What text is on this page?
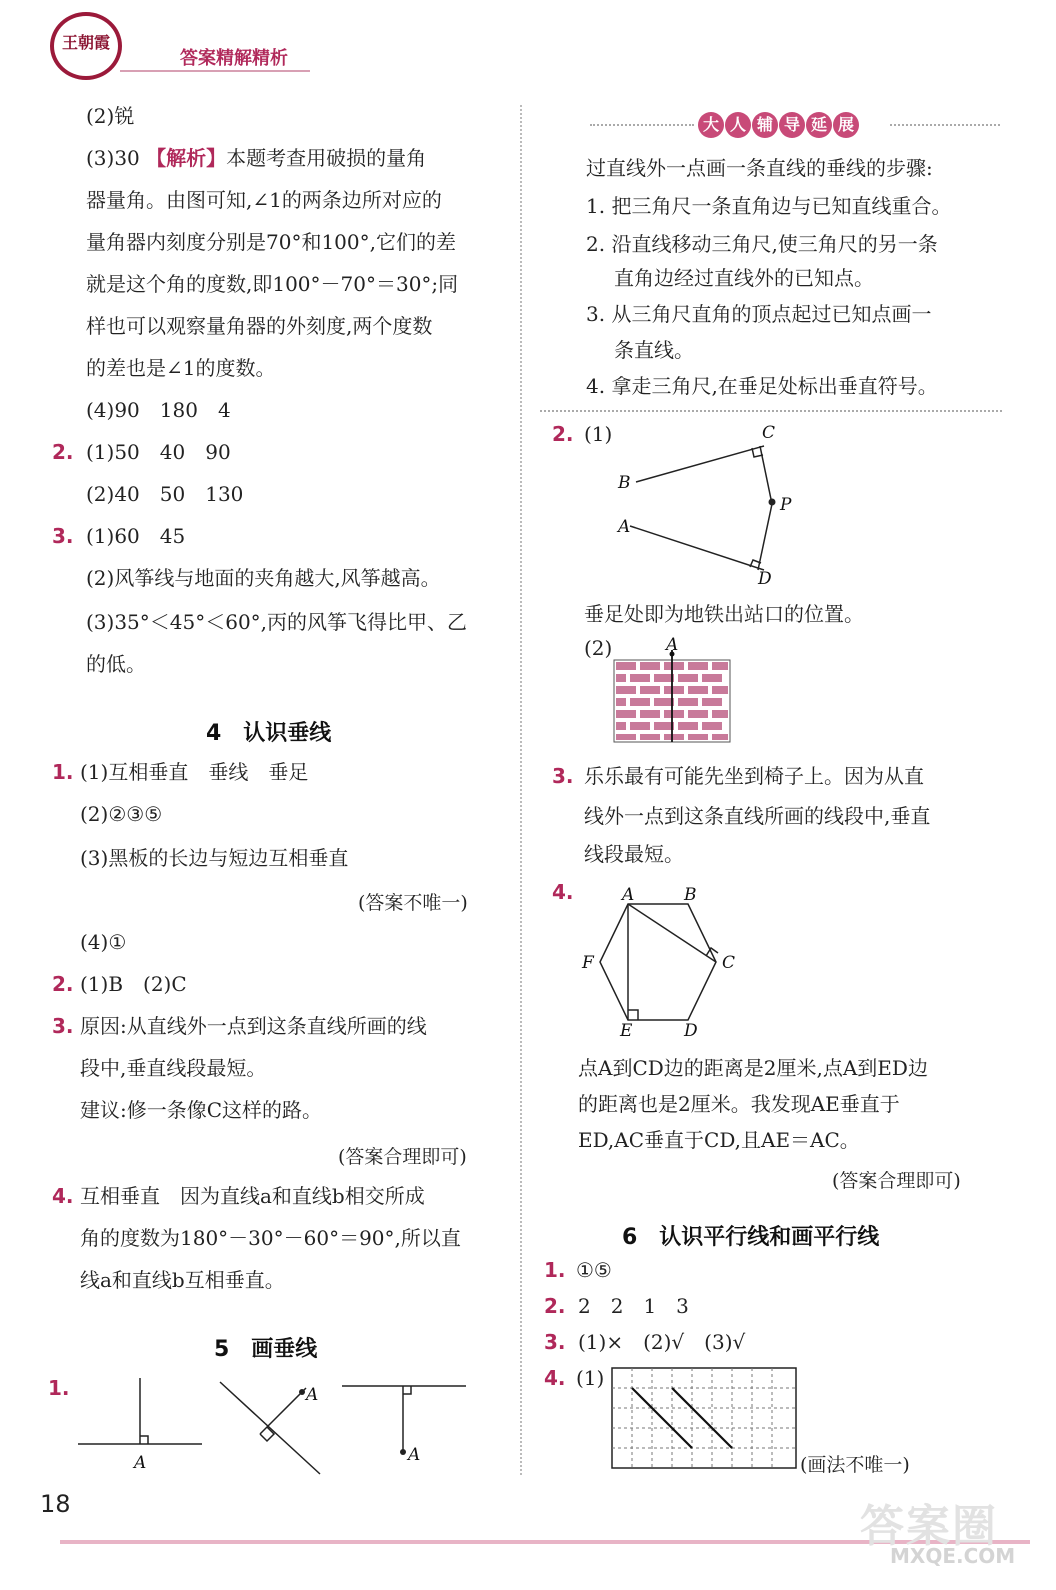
王朝霞
答案精解精析
(2)锐
(3)30 【解析】本题考查用破损的量角
器量角。由图可知,∠1的两条边所对应的
量角器内刻度分别是70°和100°,它们的差
就是这个角的度数,即100°－70°＝30°;同
样也可以观察量角器的外刻度,两个度数
的差也是∠1的度数。
(4)90　180　4
2. (1)50　40　90
(2)40　50　130
3. (1)60　45
(2)风筝线与地面的夹角越大,风筝越高。
(3)35°＜45°＜60°,丙的风筝飞得比甲、乙
的低。
4　认识垂线
1. (1)互相垂直　垂线　垂足
(2)②③⑤
(3)黑板的长边与短边互相垂直
(答案不唯一)
(4)①
2. (1)B　(2)C
3. 原因:从直线外一点到这条直线所画的线
段中,垂直线段最短。
建议:修一条像C这样的路。
(答案合理即可)
4. 互相垂直　因为直线a和直线b相交所成
角的度数为180°－30°－60°＝90°,所以直
线a和直线b互相垂直。
5　画垂线
1.
A
A
A
大 人 辅 导 延 展
过直线外一点画一条直线的垂线的步骤:
1. 把三角尺一条直角边与已知直线重合。
2. 沿直线移动三角尺,使三角尺的另一条
直角边经过直线外的已知点。
3. 从三角尺直角的顶点起过已知点画一
条直线。
4. 拿走三角尺,在垂足处标出垂直符号。
2. (1)	C
B
P
A
D
垂足处即为地铁出站口的位置。
(2)	A
3. 乐乐最有可能先坐到椅子上。因为从直
线外一点到这条直线所画的线段中,垂直
线段最短。
4.	A	B
C
D
E
F
点A到CD边的距离是2厘米,点A到ED边
的距离也是2厘米。我发现AE垂直于
ED,AC垂直于CD,且AE＝AC。
(答案合理即可)
6　认识平行线和画平行线
1. ①⑤
2. 2　2　1　3
3. (1)×　(2)√　(3)√
4. (1)
(画法不唯一)
18	答案圈
MXQE.COM
